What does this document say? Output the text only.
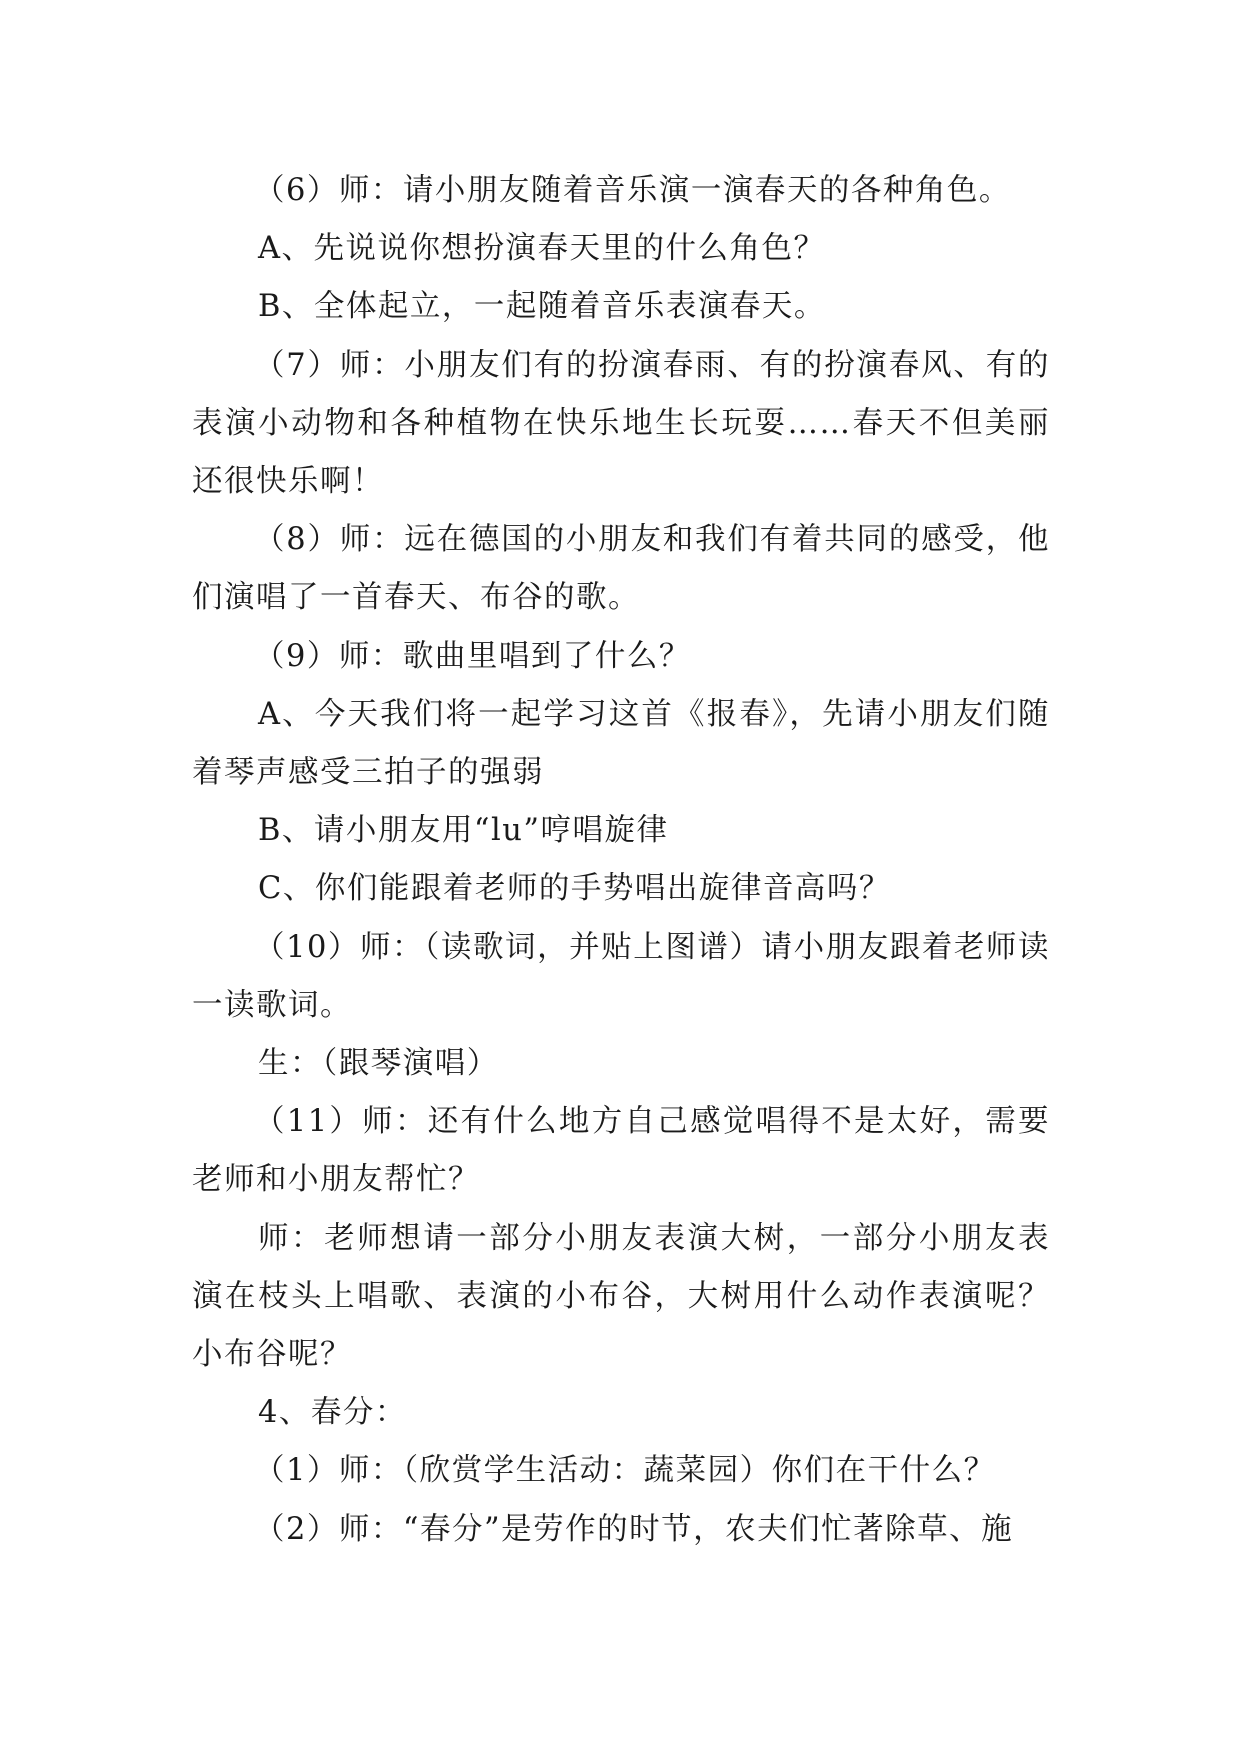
（6）师：请小朋友随着音乐演一演春天的各种角色。

A、先说说你想扮演春天里的什么角色？

B、全体起立，一起随着音乐表演春天。

（7）师：小朋友们有的扮演春雨、有的扮演春风、有的表演小动物和各种植物在快乐地生长玩耍……春天不但美丽还很快乐啊！

（8）师：远在德国的小朋友和我们有着共同的感受，他们演唱了一首春天、布谷的歌。

（9）师：歌曲里唱到了什么？

A、今天我们将一起学习这首《报春》，先请小朋友们随着琴声感受三拍子的强弱

B、请小朋友用“lu”哼唱旋律

C、你们能跟着老师的手势唱出旋律音高吗？

（10）师：（读歌词，并贴上图谱）请小朋友跟着老师读一读歌词。

生：（跟琴演唱）

（11）师：还有什么地方自己感觉唱得不是太好，需要老师和小朋友帮忙？

师：老师想请一部分小朋友表演大树，一部分小朋友表演在枝头上唱歌、表演的小布谷，大树用什么动作表演呢？小布谷呢？

4、春分：

（1）师：（欣赏学生活动：蔬菜园）你们在干什么？

（2）师：“春分”是劳作的时节，农夫们忙著除草、施
